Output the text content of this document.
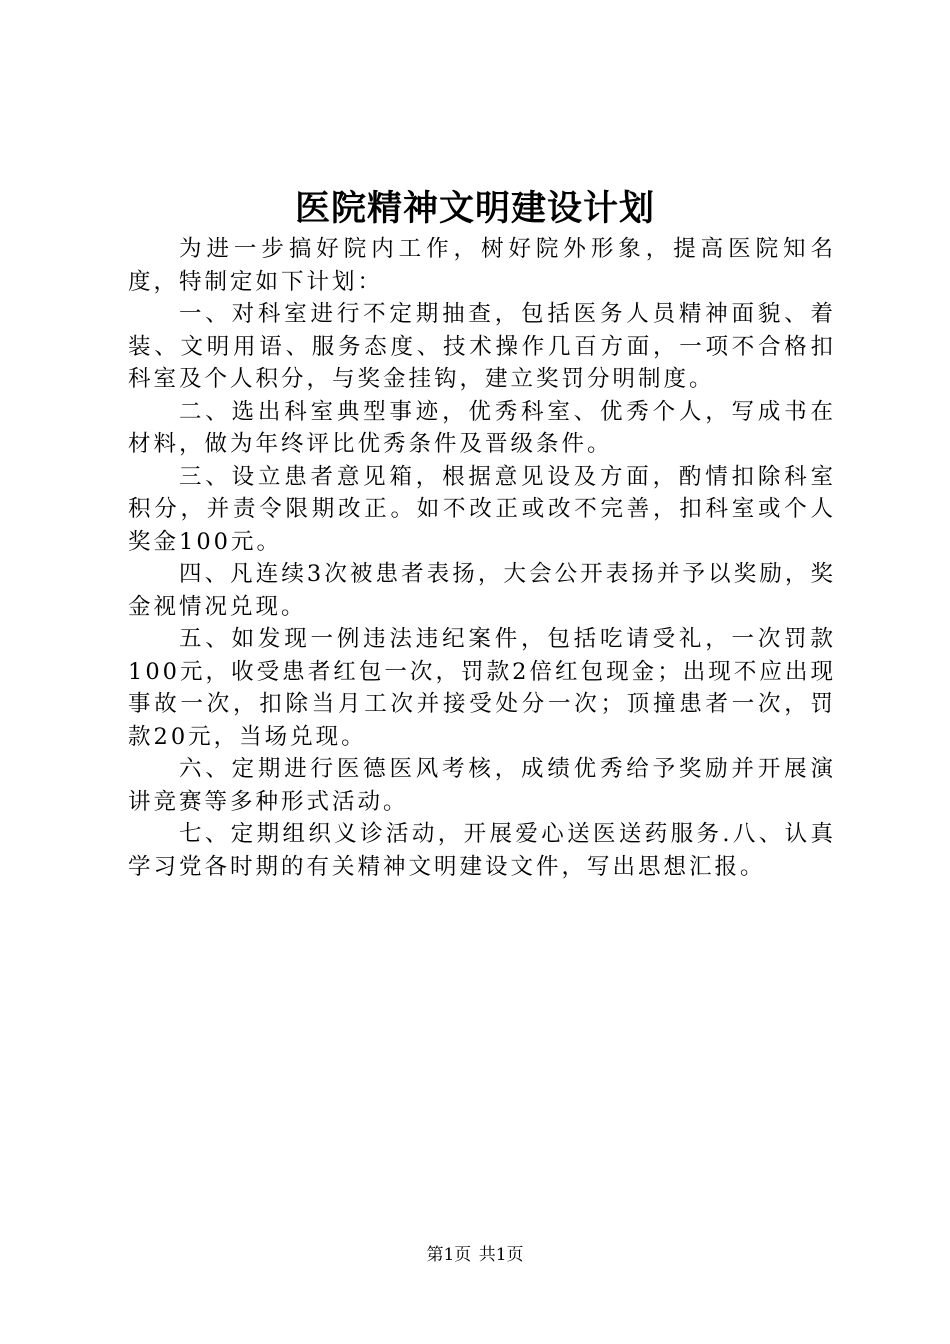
医院精神文明建设计划

为进一步搞好院内工作，树好院外形象，提高医院知名度，特制定如下计划：

一、对科室进行不定期抽查，包括医务人员精神面貌、着装、文明用语、服务态度、技术操作几百方面，一项不合格扣科室及个人积分，与奖金挂钩，建立奖罚分明制度。

二、选出科室典型事迹，优秀科室、优秀个人，写成书在材料，做为年终评比优秀条件及晋级条件。

三、设立患者意见箱，根据意见设及方面，酌情扣除科室积分，并责令限期改正。如不改正或改不完善，扣科室或个人奖金100元。

四、凡连续3次被患者表扬，大会公开表扬并予以奖励，奖金视情况兑现。

五、如发现一例违法违纪案件，包括吃请受礼，一次罚款100元，收受患者红包一次，罚款2倍红包现金；出现不应出现事故一次，扣除当月工次并接受处分一次；顶撞患者一次，罚款20元，当场兑现。

六、定期进行医德医风考核，成绩优秀给予奖励并开展演讲竞赛等多种形式活动。

七、定期组织义诊活动，开展爱心送医送药服务.八、认真学习党各时期的有关精神文明建设文件，写出思想汇报。

第1页 共1页
